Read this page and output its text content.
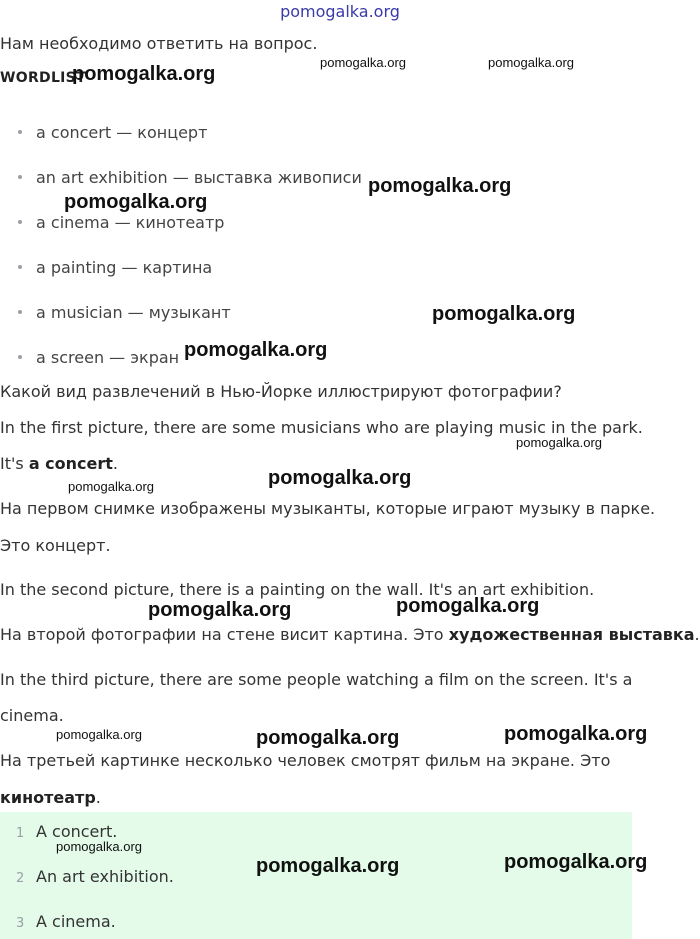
pomogalka.org
Нам необходимо ответить на вопрос.
WORDLIST
a concert — концерт
an art exhibition — выставка живописи
a cinema — кинотеатр
a painting — картина
a musician — музыкант
a screen — экран
Какой вид развлечений в Нью-Йорке иллюстрируют фотографии?
In the first picture, there are some musicians who are playing music in the park.
It's a concert.
На первом снимке изображены музыканты, которые играют музыку в парке.
Это концерт.
In the second picture, there is a painting on the wall. It's an art exhibition.
На второй фотографии на стене висит картина. Это художественная выставка.
In the third picture, there are some people watching a film on the screen. It's a
cinema.
На третьей картинке несколько человек смотрят фильм на экране. Это
кинотеатр.
1 A concert.
2 An art exhibition.
3 A cinema.
pomogalka.org
pomogalka.org	pomogalka.org
pomogalka.org
pomogalka.org
pomogalka.org
pomogalka.org
pomogalka.org
pomogalka.org
pomogalka.org
pomogalka.org
pomogalka.org
pomogalka.org	pomogalka.org	pomogalka.org
pomogalka.org
pomogalka.org	pomogalka.org
